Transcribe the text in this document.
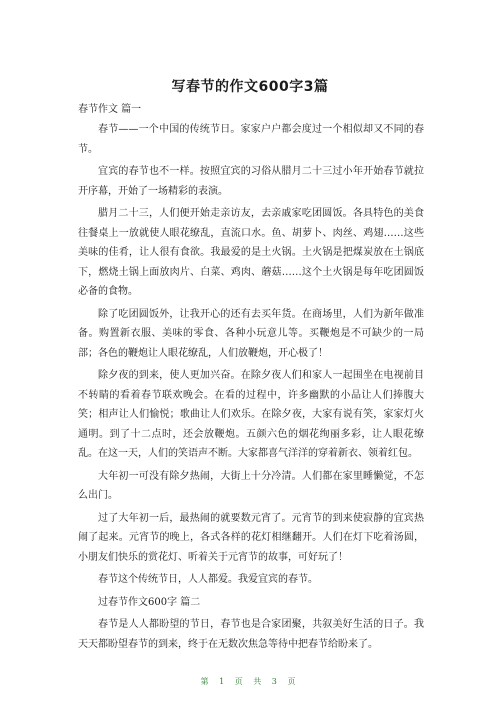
写春节的作文600字3篇

春节作文 篇一

春节——一个中国的传统节日。家家户户都会度过一个相似却又不同的春节。

宜宾的春节也不一样。按照宜宾的习俗从腊月二十三过小年开始春节就拉开序幕，开始了一场精彩的表演。

腊月二十三，人们便开始走亲访友，去亲戚家吃团圆饭。各具特色的美食往餐桌上一放就使人眼花缭乱，直流口水。鱼、胡萝卜、肉丝、鸡翅……这些美味的佳肴，让人很有食欲。我最爱的是土火锅。土火锅是把煤炭放在土锅底下，燃烧土锅上面放肉片、白菜、鸡肉、蘑菇……这个土火锅是每年吃团圆饭必备的食物。

除了吃团圆饭外，让我开心的还有去买年货。在商场里，人们为新年做准备。购置新衣服、美味的零食、各种小玩意儿等。买鞭炮是不可缺少的一局部；各色的鞭炮让人眼花缭乱，人们放鞭炮，开心极了！

除夕夜的到来，使人更加兴奋。在除夕夜人们和家人一起围坐在电视前目不转睛的看着春节联欢晚会。在看的过程中，许多幽默的小品让人们捧腹大笑；相声让人们愉悦；歌曲让人们欢乐。在除夕夜，大家有说有笑，家家灯火通明。到了十二点时，还会放鞭炮。五颜六色的烟花绚丽多彩，让人眼花缭乱。在这一天，人们的笑语声不断。大家都喜气洋洋的穿着新衣、领着红包。

大年初一可没有除夕热闹，大街上十分冷清。人们都在家里睡懒觉，不怎么出门。

过了大年初一后，最热闹的就要数元宵了。元宵节的到来使寂静的宜宾热闹了起来。元宵节的晚上，各式各样的花灯相继翻开。人们在灯下吃着汤圆，小朋友们快乐的赏花灯、听着关于元宵节的故事，可好玩了！

春节这个传统节日，人人都爱。我爱宜宾的春节。

过春节作文600字 篇二

春节是人人都盼望的节日，春节也是合家团聚，共叙美好生活的日子。我天天都盼望春节的到来，终于在无数次焦急等待中把春节给盼来了。

第 1 页 共 3 页
